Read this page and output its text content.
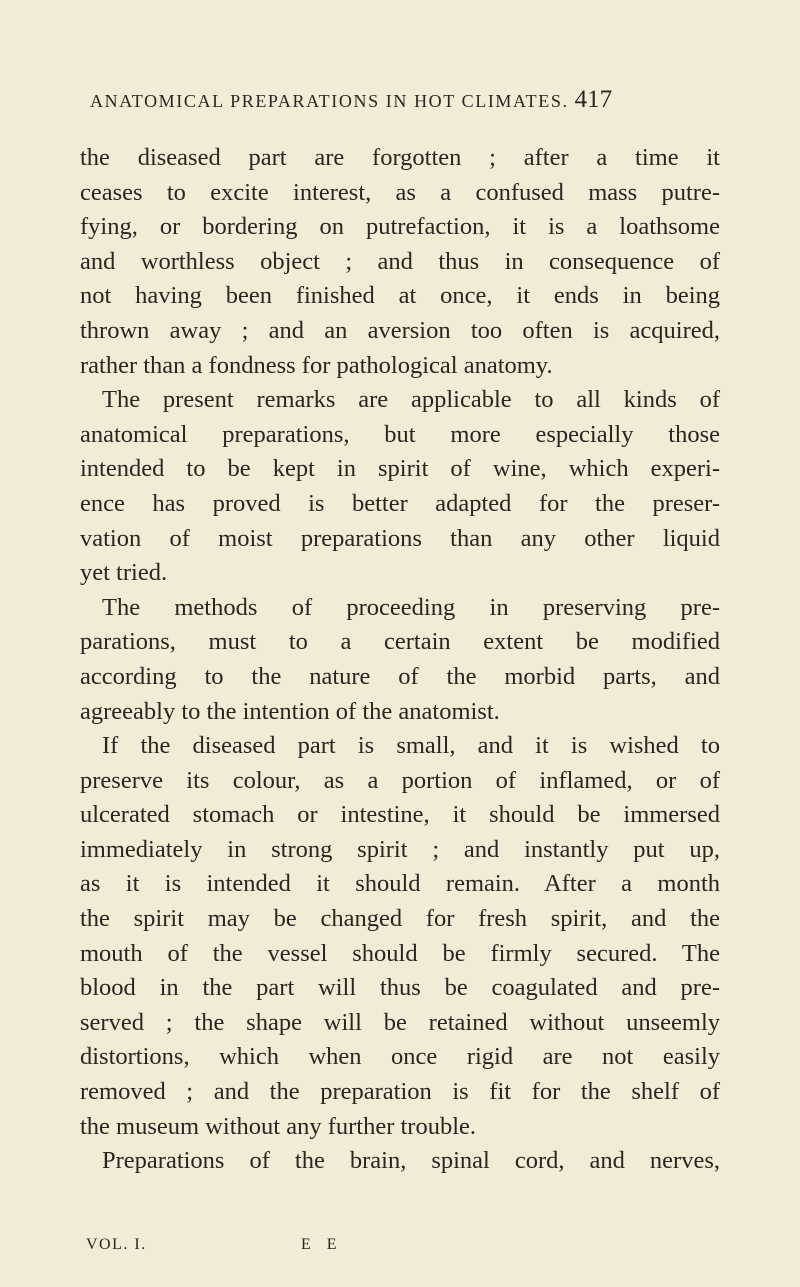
ANATOMICAL PREPARATIONS IN HOT CLIMATES. 417
the diseased part are forgotten ; after a time it
ceases to excite interest, as a confused mass putre-
fying, or bordering on putrefaction, it is a loathsome
and worthless object ; and thus in consequence of
not having been finished at once, it ends in being
thrown away ; and an aversion too often is acquired,
rather than a fondness for pathological anatomy.
The present remarks are applicable to all kinds of
anatomical preparations, but more especially those
intended to be kept in spirit of wine, which experi-
ence has proved is better adapted for the preser-
vation of moist preparations than any other liquid
yet tried.
The methods of proceeding in preserving pre-
parations, must to a certain extent be modified
according to the nature of the morbid parts, and
agreeably to the intention of the anatomist.
If the diseased part is small, and it is wished to
preserve its colour, as a portion of inflamed, or of
ulcerated stomach or intestine, it should be immersed
immediately in strong spirit ; and instantly put up,
as it is intended it should remain. After a month
the spirit may be changed for fresh spirit, and the
mouth of the vessel should be firmly secured. The
blood in the part will thus be coagulated and pre-
served ; the shape will be retained without unseemly
distortions, which when once rigid are not easily
removed ; and the preparation is fit for the shelf of
the museum without any further trouble.
Preparations of the brain, spinal cord, and nerves,
VOL. I.	E E
